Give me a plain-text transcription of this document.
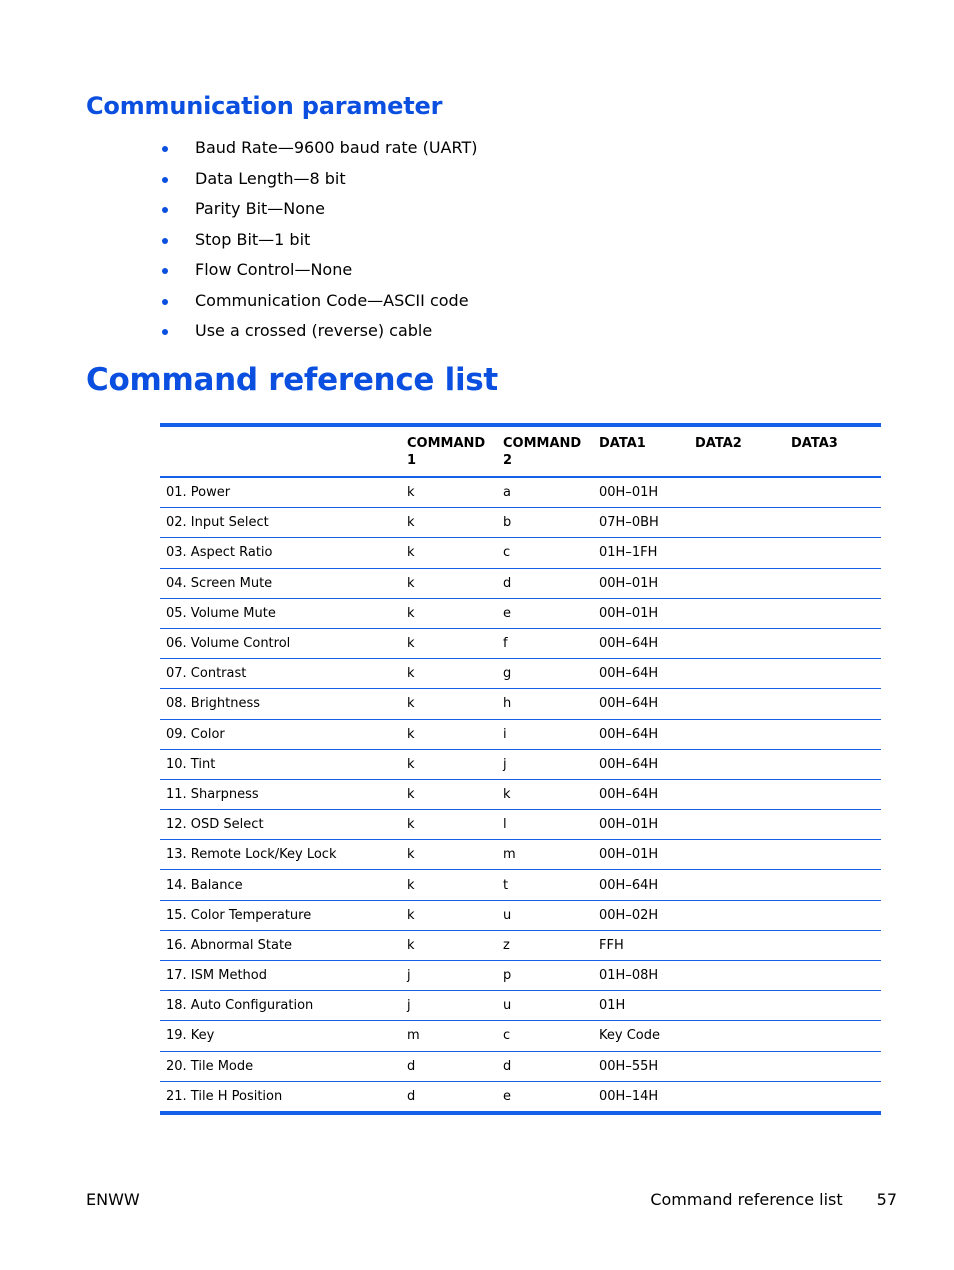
Communication parameter
Baud Rate—9600 baud rate (UART)
Data Length—8 bit
Parity Bit—None
Stop Bit—1 bit
Flow Control—None
Communication Code—ASCII code
Use a crossed (reverse) cable
Command reference list
	COMMAND 1	COMMAND 2	DATA1	DATA2	DATA3
01. Power	k	a	00H–01H		
02. Input Select	k	b	07H–0BH		
03. Aspect Ratio	k	c	01H–1FH		
04. Screen Mute	k	d	00H–01H		
05. Volume Mute	k	e	00H–01H		
06. Volume Control	k	f	00H–64H		
07. Contrast	k	g	00H–64H		
08. Brightness	k	h	00H–64H		
09. Color	k	i	00H–64H		
10. Tint	k	j	00H–64H		
11. Sharpness	k	k	00H–64H		
12. OSD Select	k	l	00H–01H		
13. Remote Lock/Key Lock	k	m	00H–01H		
14. Balance	k	t	00H–64H		
15. Color Temperature	k	u	00H–02H		
16. Abnormal State	k	z	FFH		
17. ISM Method	j	p	01H–08H		
18. Auto Configuration	j	u	01H		
19. Key	m	c	Key Code		
20. Tile Mode	d	d	00H–55H		
21. Tile H Position	d	e	00H–14H		
ENWW	Command reference list 57
